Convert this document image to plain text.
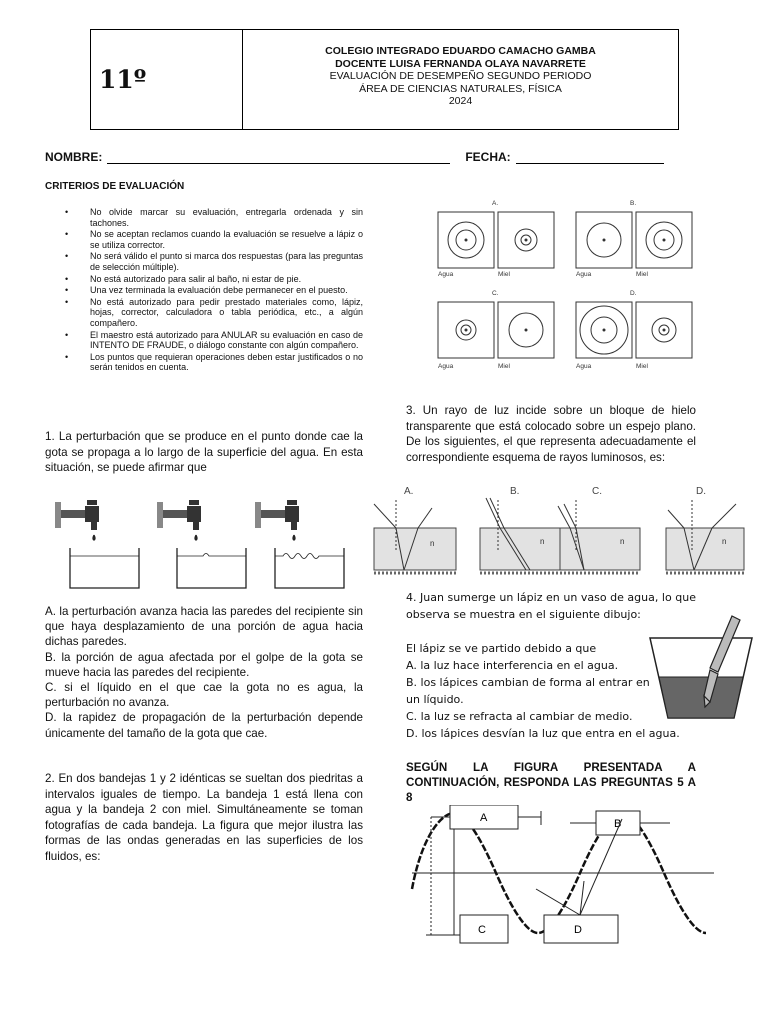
11º
COLEGIO INTEGRADO EDUARDO CAMACHO GAMBA
DOCENTE LUISA FERNANDA OLAYA NAVARRETE
EVALUACIÓN DE DESEMPEÑO SEGUNDO PERIODO
ÁREA DE CIENCIAS NATURALES, FÍSICA
2024
NOMBRE:	FECHA:
CRITERIOS DE EVALUACIÓN
• No olvide marcar su evaluación, entregarla ordenada y sin tachones.
• No se aceptan reclamos cuando la evaluación se resuelve a lápiz o se utiliza corrector.
• No será válido el punto si marca dos respuestas (para las preguntas de selección múltiple).
• No está autorizado para salir al baño, ni estar de pie.
• Una vez terminada la evaluación debe permanecer en el puesto.
• No está autorizado para pedir prestado materiales como, lápiz, hojas, corrector, calculadora o tabla periódica, etc., a algún compañero.
• El maestro está autorizado para ANULAR su evaluación en caso de INTENTO DE FRAUDE, o diálogo constante con algún compañero.
• Los puntos que requieran operaciones deben estar justificados o no serán tenidos en cuenta.
1. La perturbación que se produce en el punto donde cae la gota se propaga a lo largo de la superficie del agua. En esta situación, se puede afirmar que
A. la perturbación avanza hacia las paredes del recipiente sin que haya desplazamiento de una porción de agua hacia dichas paredes.
B. la porción de agua afectada por el golpe de la gota se mueve hacia las paredes del recipiente.
C. si el líquido en el que cae la gota no es agua, la perturbación no avanza.
D. la rapidez de propagación de la perturbación depende únicamente del tamaño de la gota que cae.
2. En dos bandejas 1 y 2 idénticas se sueltan dos piedritas a intervalos iguales de tiempo. La bandeja 1 está llena con agua y la bandeja 2 con miel. Simultáneamente se toman fotografías de cada bandeja. La figura que mejor ilustra las formas de las ondas generadas en las superficies de los fluidos, es:
A.	B.
C.	D.
Agua	Miel	Agua	Miel
Agua	Miel	Agua	Miel
3. Un rayo de luz incide sobre un bloque de hielo transparente que está colocado sobre un espejo plano. De los siguientes, el que representa adecuadamente el correspondiente esquema de rayos luminosos, es:
A.	B.	C.	D.
n	n	n	n
4. Juan sumerge un lápiz en un vaso de agua, lo que observa se muestra en el siguiente dibujo:
El lápiz se ve partido debido a que
A. la luz hace interferencia en el agua.
B. los lápices cambian de forma al entrar en un líquido.
C. la luz se refracta al cambiar de medio.
D. los lápices desvían la luz que entra en el agua.
SEGÚN LA FIGURA PRESENTADA A CONTINUACIÓN, RESPONDA LAS PREGUNTAS 5 A 8
A	B
C	D
